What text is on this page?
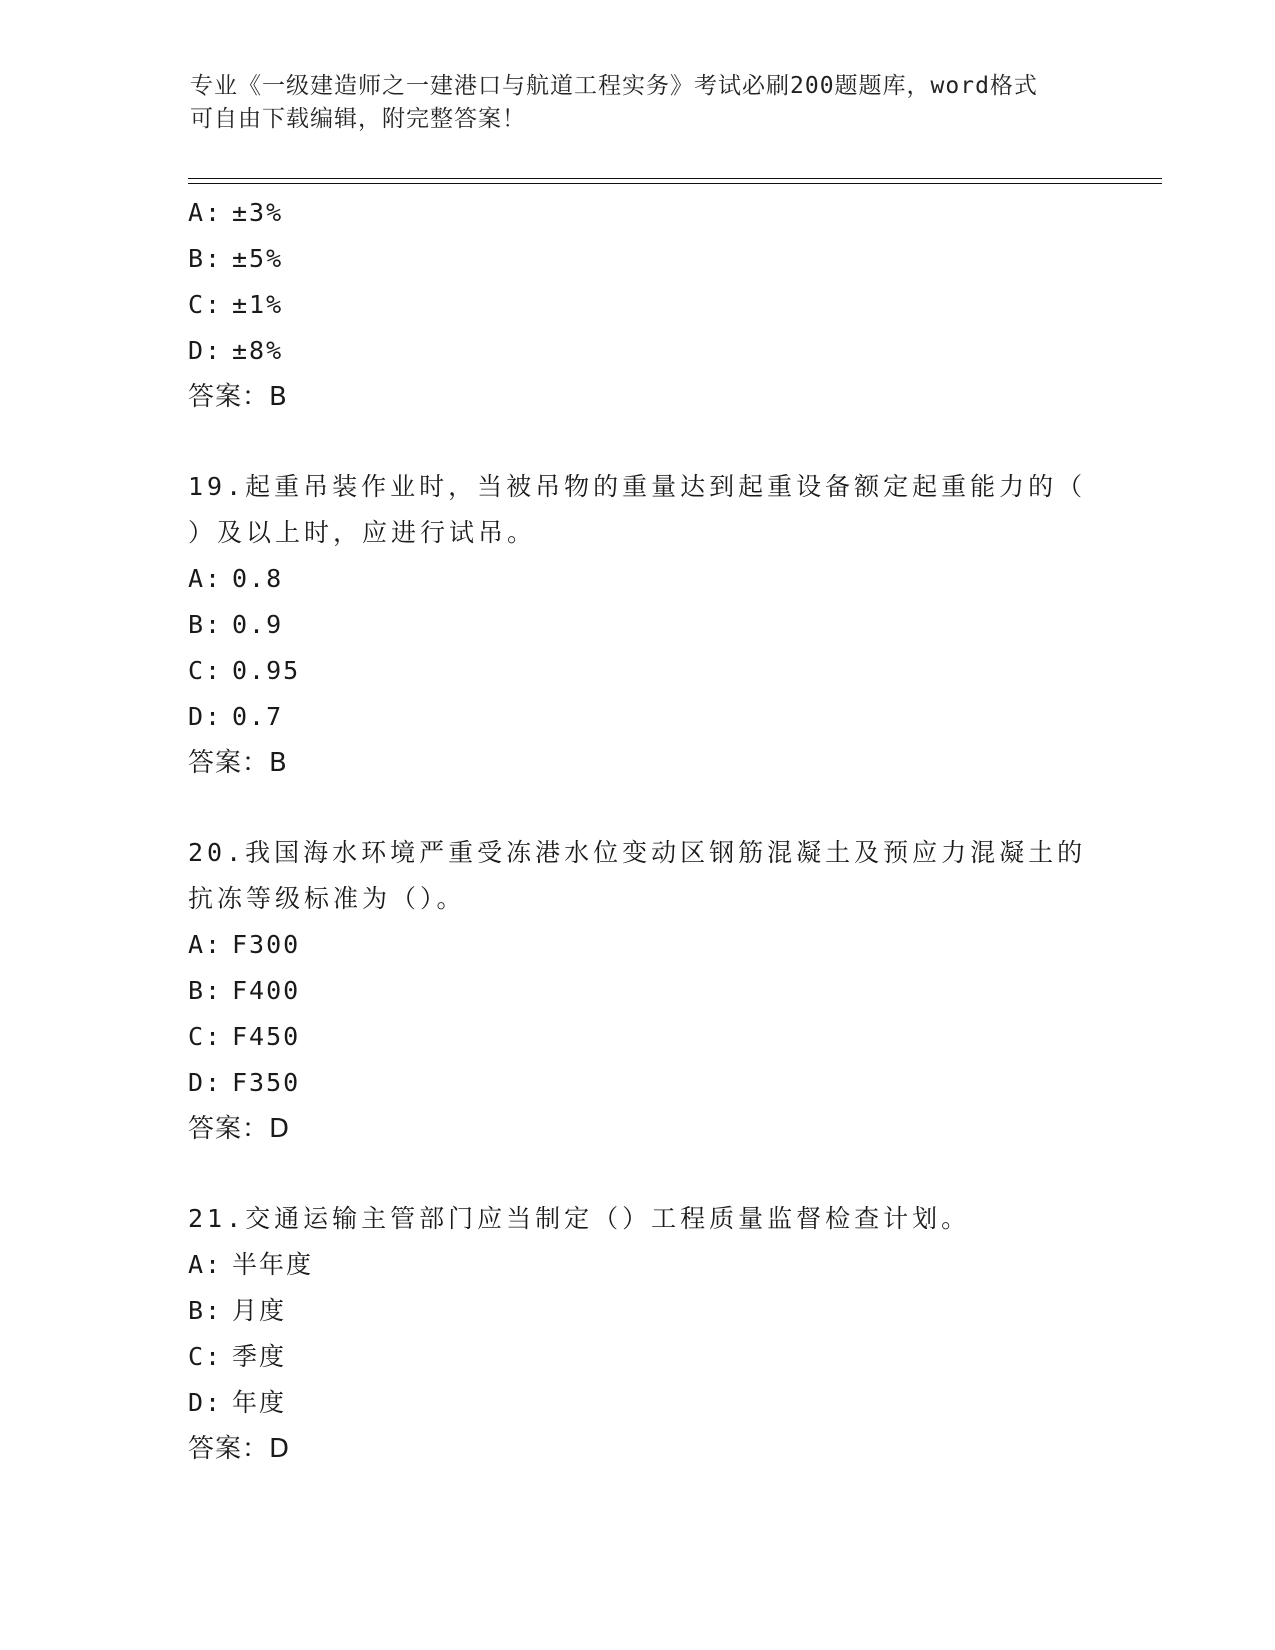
专业《一级建造师之一建港口与航道工程实务》考试必刷200题题库，word格式
可自由下载编辑，附完整答案！
A: ±3%
B: ±5%
C: ±1%
D: ±8%
答案：B
19.起重吊装作业时，当被吊物的重量达到起重设备额定起重能力的（
）及以上时，应进行试吊。
A: 0.8
B: 0.9
C: 0.95
D: 0.7
答案：B
20.我国海水环境严重受冻港水位变动区钢筋混凝土及预应力混凝土的
抗冻等级标准为（）。
A: F300
B: F400
C: F450
D: F350
答案：D
21.交通运输主管部门应当制定（）工程质量监督检查计划。
A: 半年度
B: 月度
C: 季度
D: 年度
答案：D
